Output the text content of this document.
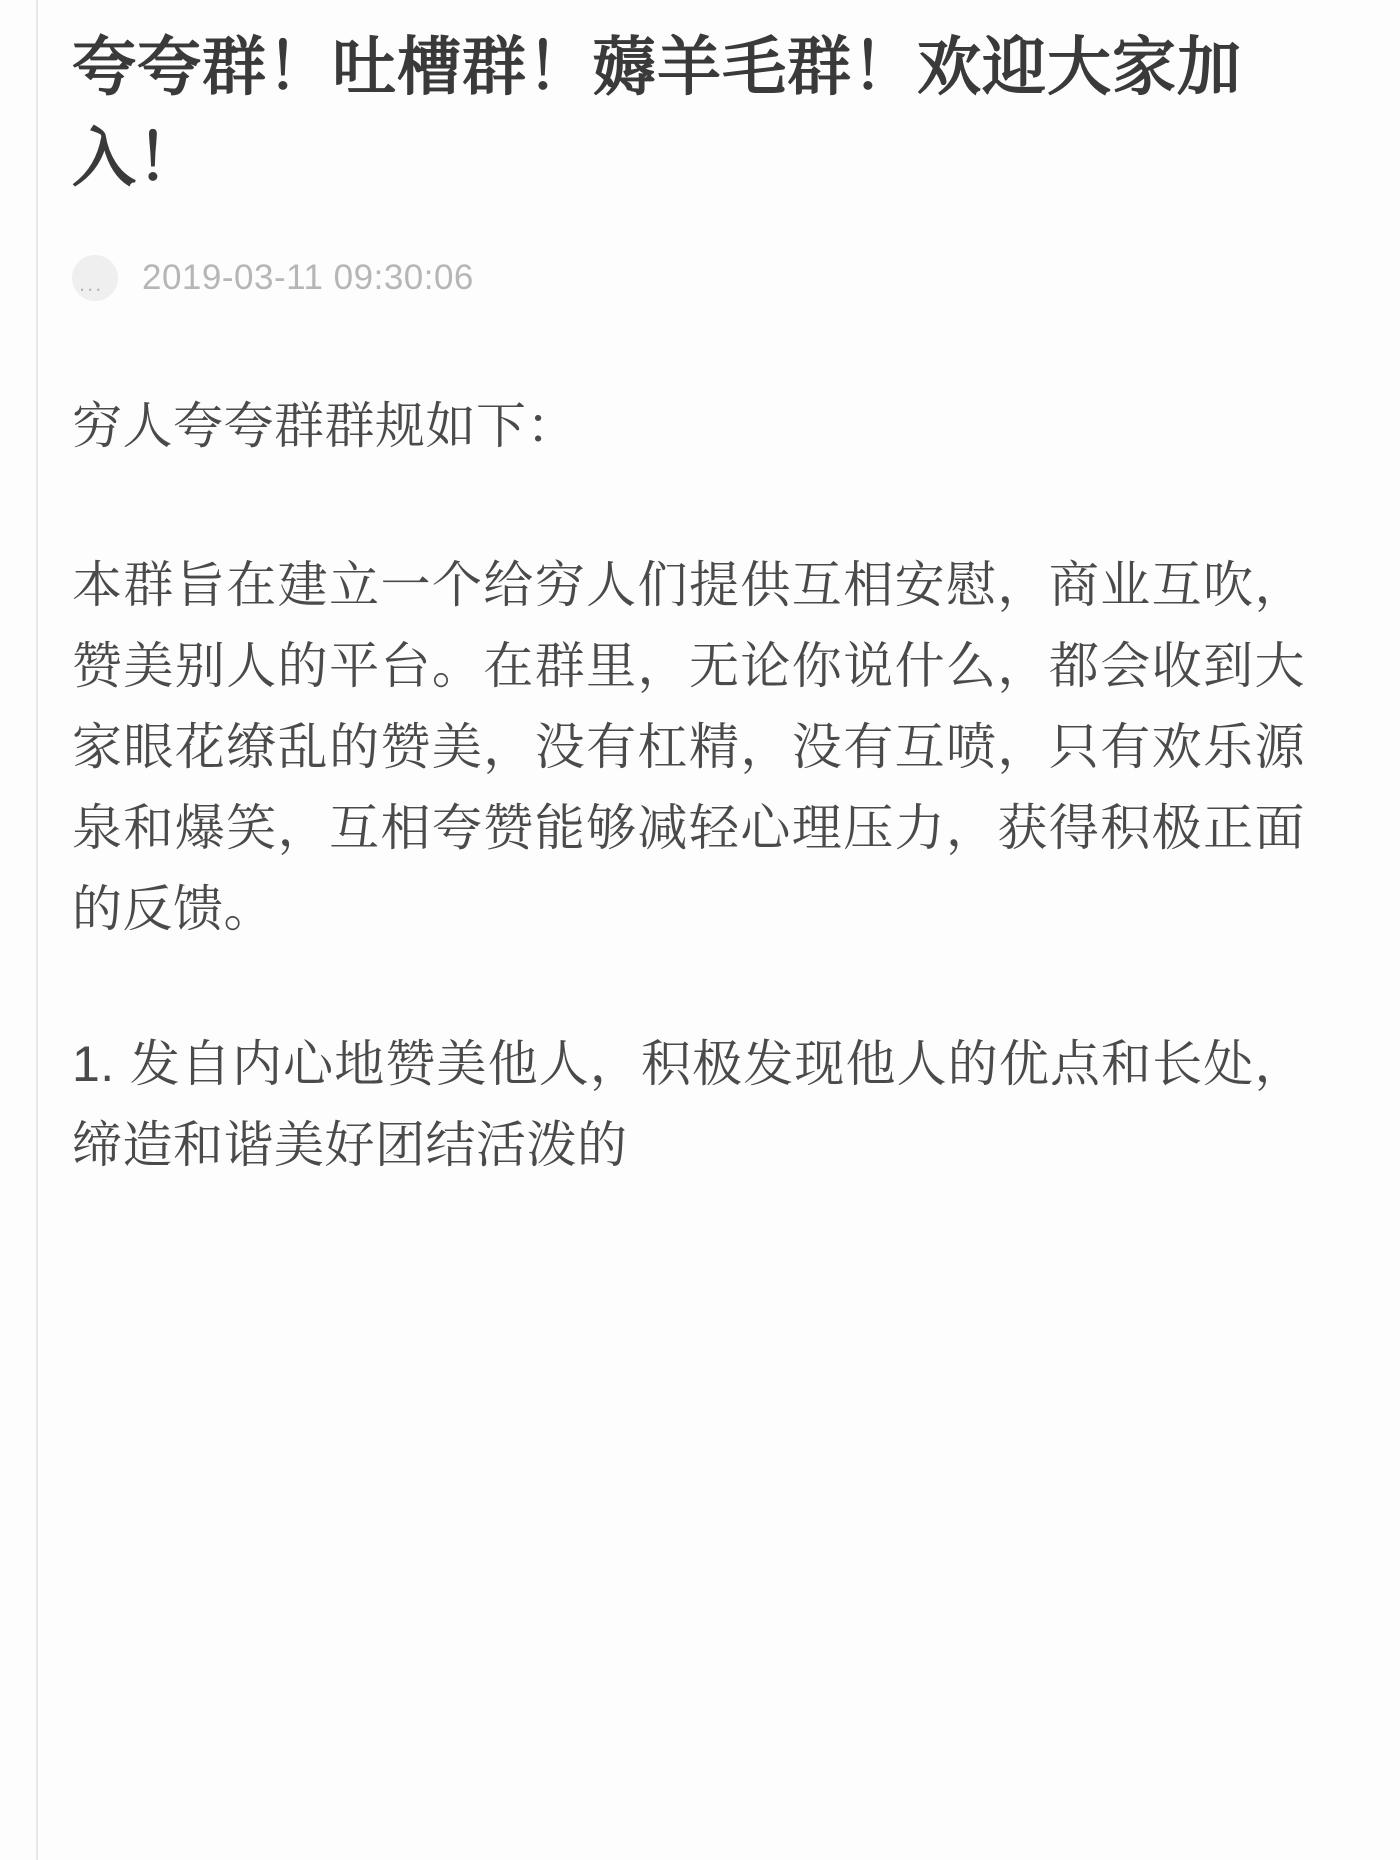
夸夸群！吐槽群！薅羊毛群！欢迎大家加入！
... 2019-03-11 09:30:06

穷人夸夸群群规如下：

本群旨在建立一个给穷人们提供互相安慰，商业互吹，赞美别人的平台。在群里，无论你说什么，都会收到大家眼花缭乱的赞美，没有杠精，没有互喷，只有欢乐源泉和爆笑，互相夸赞能够减轻心理压力，获得积极正面的反馈。

1. 发自内心地赞美他人，积极发现他人的优点和长处，缔造和谐美好团结活泼的
